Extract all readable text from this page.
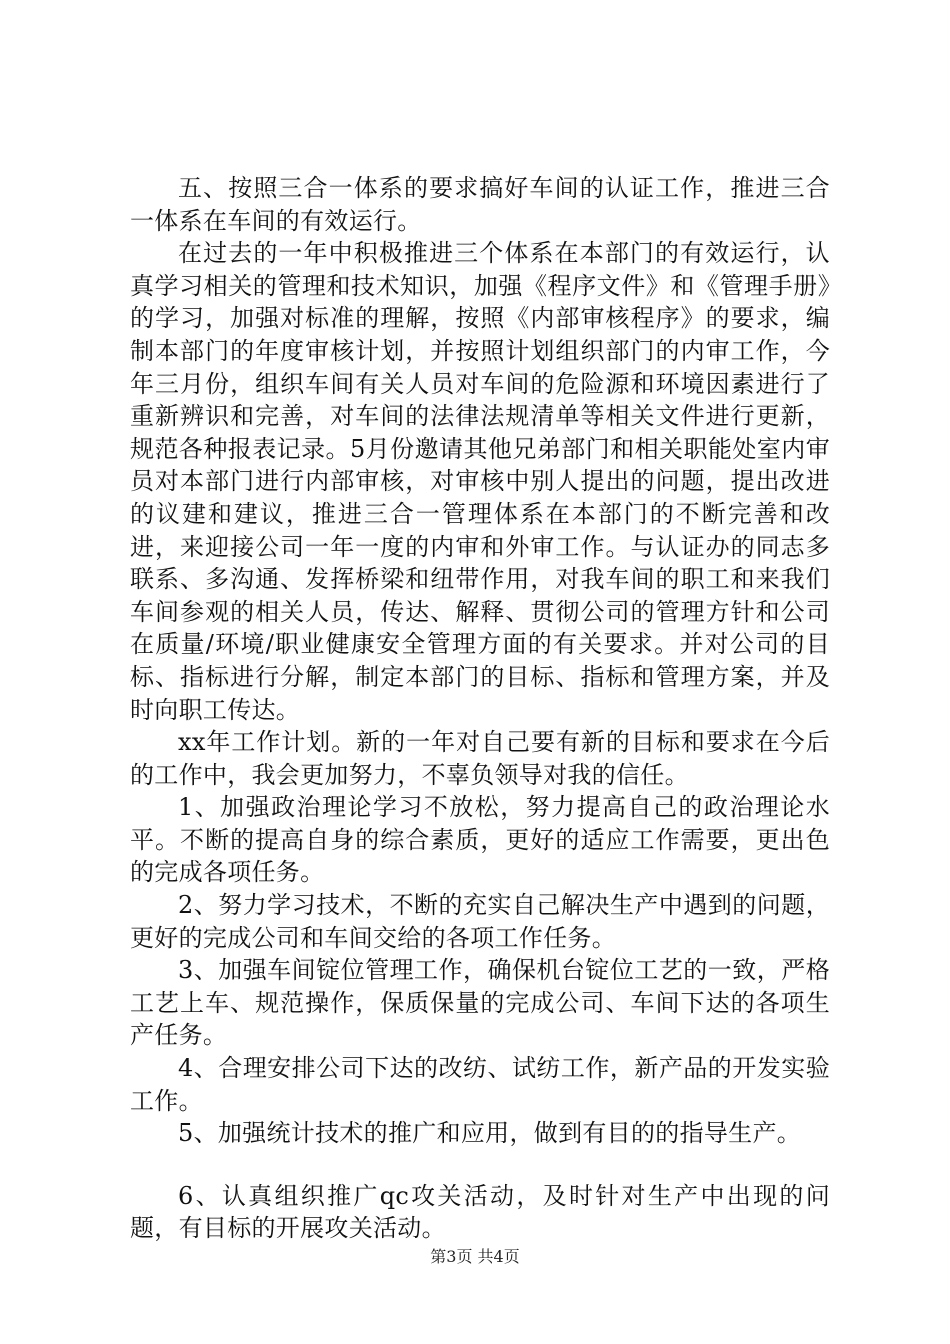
五、按照三合一体系的要求搞好车间的认证工作，推进三合一体系在车间的有效运行。

在过去的一年中积极推进三个体系在本部门的有效运行，认真学习相关的管理和技术知识，加强《程序文件》和《管理手册》的学习，加强对标准的理解，按照《内部审核程序》的要求，编制本部门的年度审核计划，并按照计划组织部门的内审工作，今年三月份，组织车间有关人员对车间的危险源和环境因素进行了重新辨识和完善，对车间的法律法规清单等相关文件进行更新，规范各种报表记录。5月份邀请其他兄弟部门和相关职能处室内审员对本部门进行内部审核，对审核中别人提出的问题，提出改进的议建和建议，推进三合一管理体系在本部门的不断完善和改进，来迎接公司一年一度的内审和外审工作。与认证办的同志多联系、多沟通、发挥桥梁和纽带作用，对我车间的职工和来我们车间参观的相关人员，传达、解释、贯彻公司的管理方针和公司在质量/环境/职业健康安全管理方面的有关要求。并对公司的目标、指标进行分解，制定本部门的目标、指标和管理方案，并及时向职工传达。

xx年工作计划。新的一年对自己要有新的目标和要求在今后的工作中，我会更加努力，不辜负领导对我的信任。

1、加强政治理论学习不放松，努力提高自己的政治理论水平。不断的提高自身的综合素质，更好的适应工作需要，更出色的完成各项任务。

2、努力学习技术，不断的充实自己解决生产中遇到的问题，更好的完成公司和车间交给的各项工作任务。

3、加强车间锭位管理工作，确保机台锭位工艺的一致，严格工艺上车、规范操作，保质保量的完成公司、车间下达的各项生产任务。

4、合理安排公司下达的改纺、试纺工作，新产品的开发实验工作。

5、加强统计技术的推广和应用，做到有目的的指导生产。

6、认真组织推广qc攻关活动，及时针对生产中出现的问题，有目标的开展攻关活动。

第3页 共4页
